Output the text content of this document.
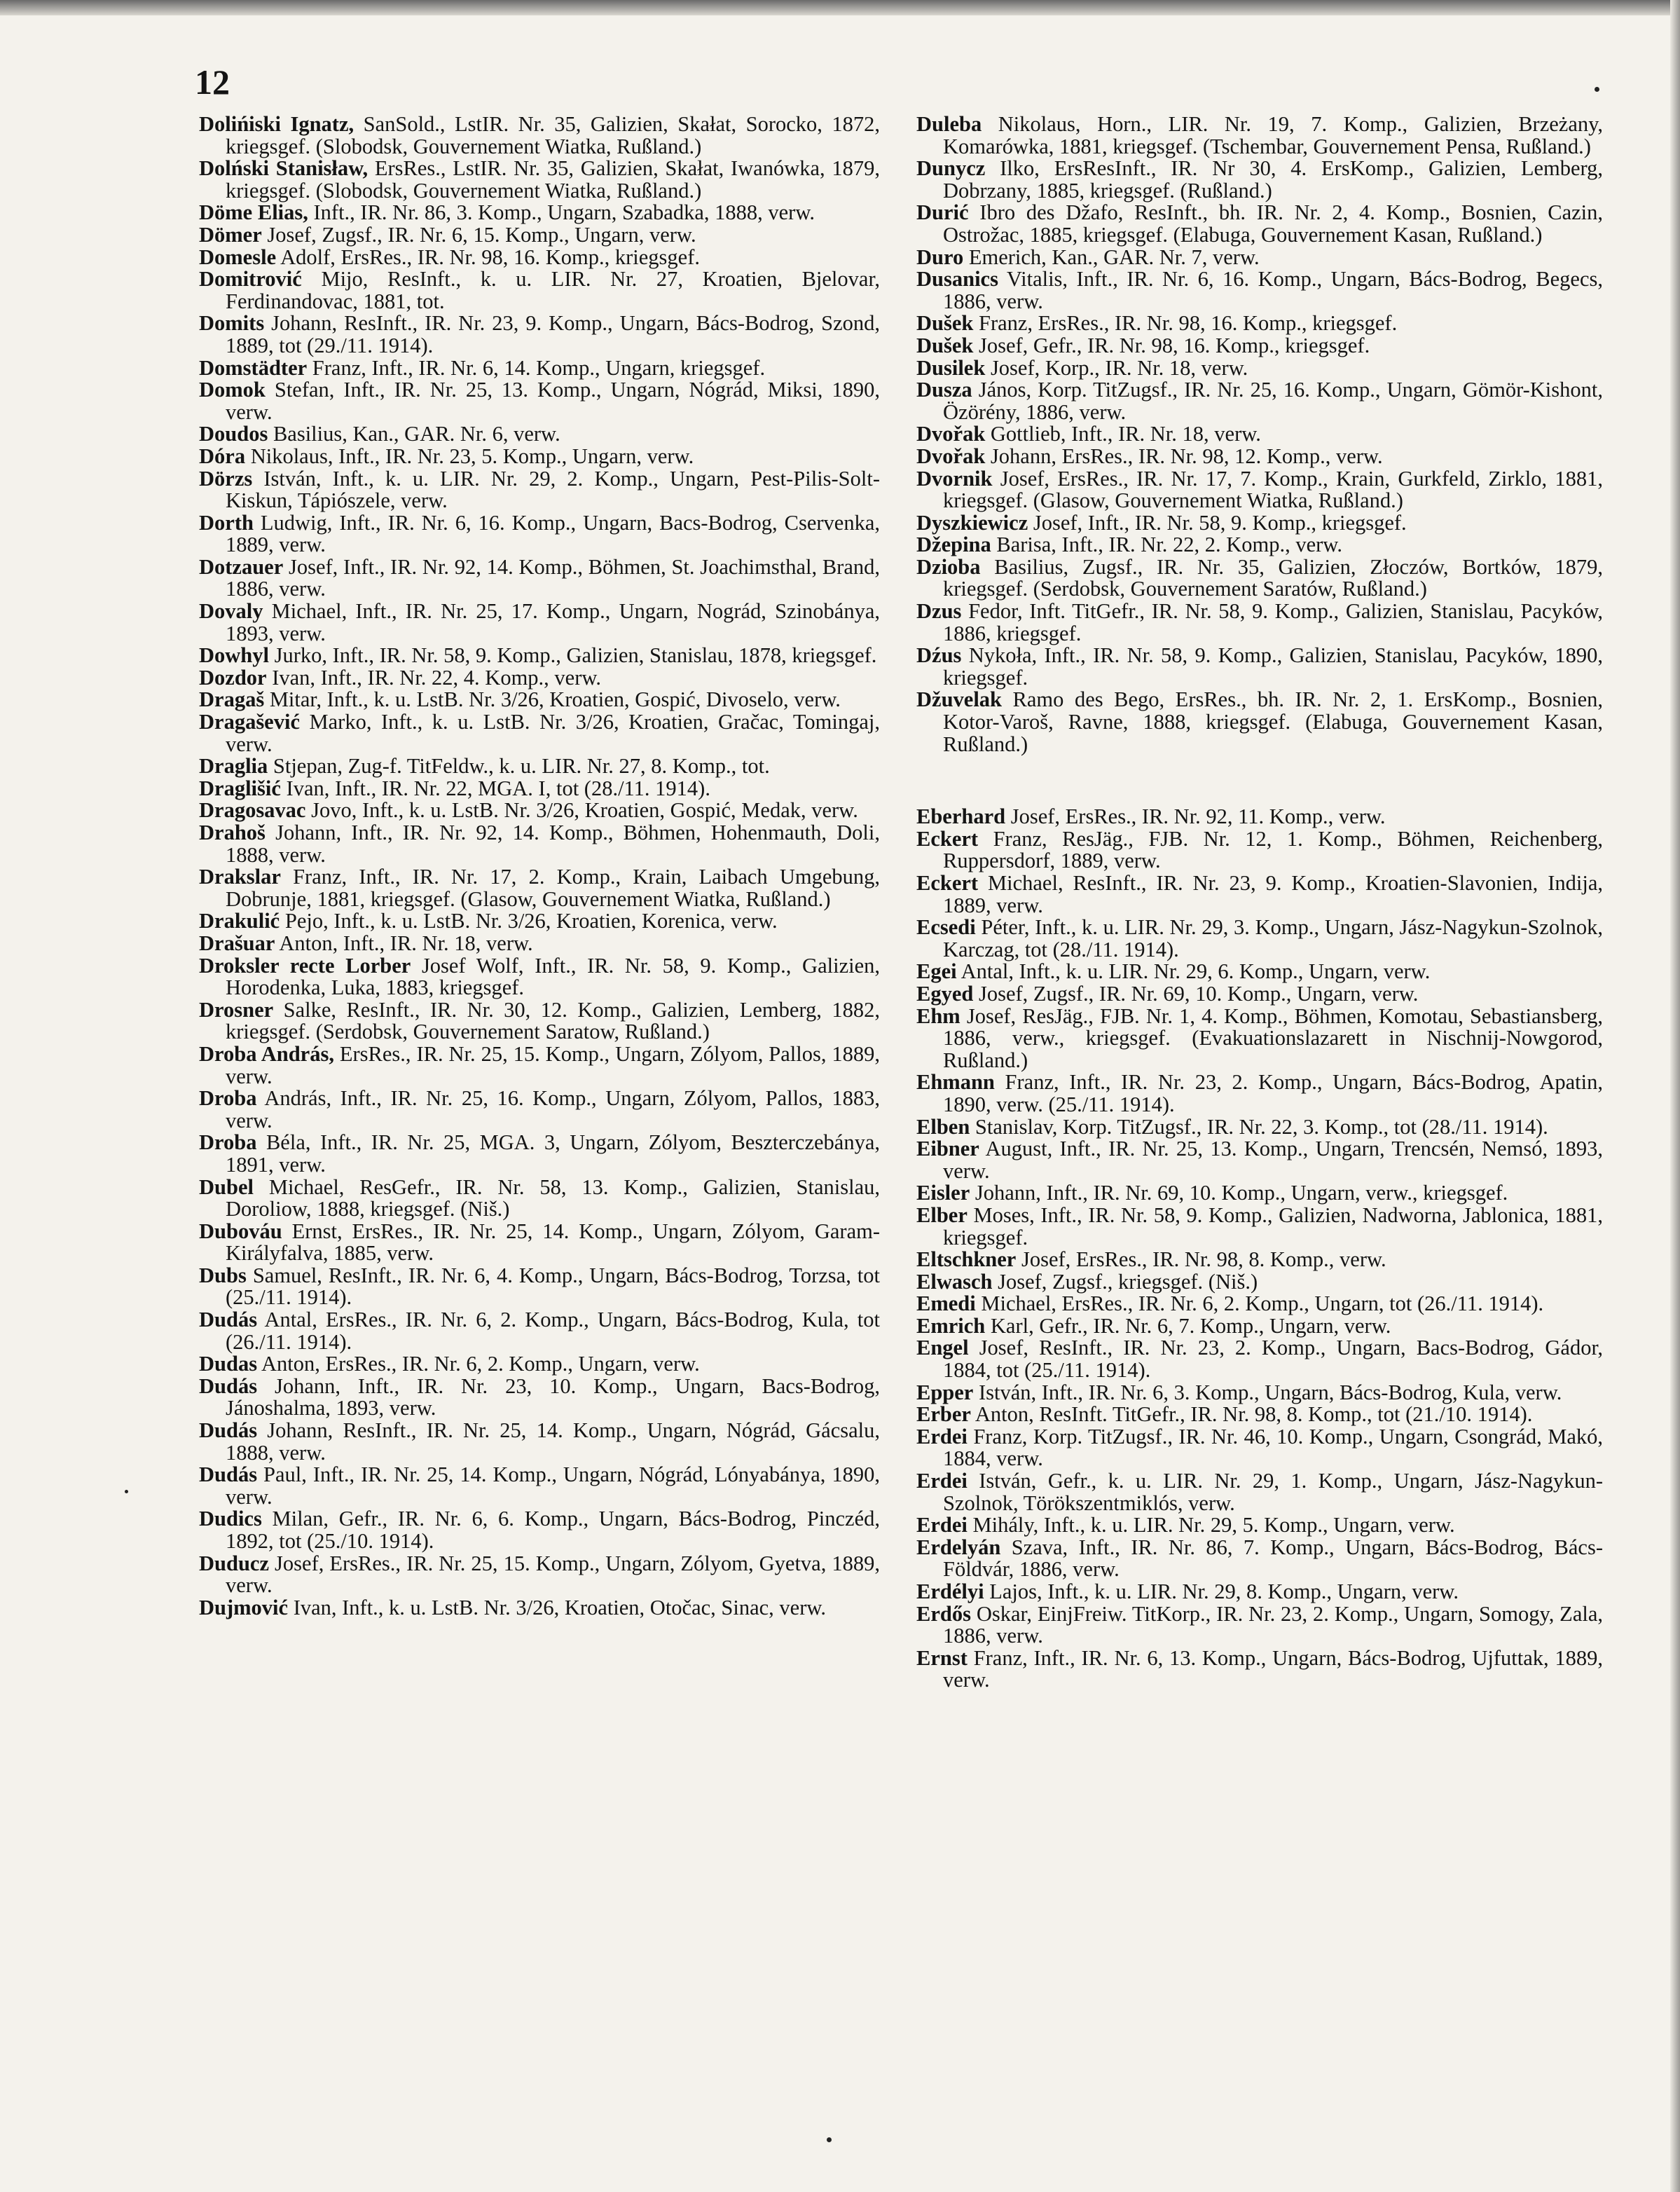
12

Dolińiski Ignatz, SanSold., LstIR. Nr. 35, Galizien, Skałat, Sorocko, 1872, kriegsgef. (Slobodsk, Gouvernement Wiatka, Rußland.)

Dolński Stanisław, ErsRes., LstIR. Nr. 35, Galizien, Skałat, Iwanówka, 1879, kriegsgef. (Slobodsk, Gouvernement Wiatka, Rußland.)

Döme Elias, Inft., IR. Nr. 86, 3. Komp., Ungarn, Szabadka, 1888, verw.

Dömer Josef, Zugsf., IR. Nr. 6, 15. Komp., Ungarn, verw.

Domesle Adolf, ErsRes., IR. Nr. 98, 16. Komp., kriegsgef.

Domitrović Mijo, ResInft., k. u. LIR. Nr. 27, Kroatien, Bjelovar, Ferdinandovac, 1881, tot.

Domits Johann, ResInft., IR. Nr. 23, 9. Komp., Ungarn, Bács-Bodrog, Szond, 1889, tot (29./11. 1914).

Domstädter Franz, Inft., IR. Nr. 6, 14. Komp., Ungarn, kriegsgef.

Domok Stefan, Inft., IR. Nr. 25, 13. Komp., Ungarn, Nógrád, Miksi, 1890, verw.

Doudos Basilius, Kan., GAR. Nr. 6, verw.

Dóra Nikolaus, Inft., IR. Nr. 23, 5. Komp., Ungarn, verw.

Dörzs István, Inft., k. u. LIR. Nr. 29, 2. Komp., Ungarn, Pest-Pilis-Solt-Kiskun, Tápiószele, verw.

Dorth Ludwig, Inft., IR. Nr. 6, 16. Komp., Ungarn, Bacs-Bodrog, Cservenka, 1889, verw.

Dotzauer Josef, Inft., IR. Nr. 92, 14. Komp., Böhmen, St. Joachimsthal, Brand, 1886, verw.

Dovaly Michael, Inft., IR. Nr. 25, 17. Komp., Ungarn, Nográd, Szinobánya, 1893, verw.

Dowhyl Jurko, Inft., IR. Nr. 58, 9. Komp., Galizien, Stanislau, 1878, kriegsgef.

Dozdor Ivan, Inft., IR. Nr. 22, 4. Komp., verw.

Dragaš Mitar, Inft., k. u. LstB. Nr. 3/26, Kroatien, Gospić, Divoselo, verw.

Dragašević Marko, Inft., k. u. LstB. Nr. 3/26, Kroatien, Gračac, Tomingaj, verw.

Draglia Stjepan, Zug-f. TitFeldw., k. u. LIR. Nr. 27, 8. Komp., tot.

Draglišić Ivan, Inft., IR. Nr. 22, MGA. I, tot (28./11. 1914).

Dragosavac Jovo, Inft., k. u. LstB. Nr. 3/26, Kroatien, Gospić, Medak, verw.

Drahoš Johann, Inft., IR. Nr. 92, 14. Komp., Böhmen, Hohenmauth, Doli, 1888, verw.

Drakslar Franz, Inft., IR. Nr. 17, 2. Komp., Krain, Laibach Umgebung, Dobrunje, 1881, kriegsgef. (Glasow, Gouvernement Wiatka, Rußland.)

Drakulić Pejo, Inft., k. u. LstB. Nr. 3/26, Kroatien, Korenica, verw.

Drašuar Anton, Inft., IR. Nr. 18, verw.

Droksler recte Lorber Josef Wolf, Inft., IR. Nr. 58, 9. Komp., Galizien, Horodenka, Luka, 1883, kriegsgef.

Drosner Salke, ResInft., IR. Nr. 30, 12. Komp., Galizien, Lemberg, 1882, kriegsgef. (Serdobsk, Gouvernement Saratow, Rußland.)

Droba András, ErsRes., IR. Nr. 25, 15. Komp., Ungarn, Zólyom, Pallos, 1889, verw.

Droba András, Inft., IR. Nr. 25, 16. Komp., Ungarn, Zólyom, Pallos, 1883, verw.

Droba Béla, Inft., IR. Nr. 25, MGA. 3, Ungarn, Zólyom, Beszterczebánya, 1891, verw.

Dubel Michael, ResGefr., IR. Nr. 58, 13. Komp., Galizien, Stanislau, Doroliow, 1888, kriegsgef. (Niš.)

Dubováu Ernst, ErsRes., IR. Nr. 25, 14. Komp., Ungarn, Zólyom, Garam-Királyfalva, 1885, verw.

Dubs Samuel, ResInft., IR. Nr. 6, 4. Komp., Ungarn, Bács-Bodrog, Torzsa, tot (25./11. 1914).

Dudás Antal, ErsRes., IR. Nr. 6, 2. Komp., Ungarn, Bács-Bodrog, Kula, tot (26./11. 1914).

Dudas Anton, ErsRes., IR. Nr. 6, 2. Komp., Ungarn, verw.

Dudás Johann, Inft., IR. Nr. 23, 10. Komp., Ungarn, Bacs-Bodrog, Jánoshalma, 1893, verw.

Dudás Johann, ResInft., IR. Nr. 25, 14. Komp., Ungarn, Nógrád, Gácsalu, 1888, verw.

Dudás Paul, Inft., IR. Nr. 25, 14. Komp., Ungarn, Nógrád, Lónyabánya, 1890, verw.

Dudics Milan, Gefr., IR. Nr. 6, 6. Komp., Ungarn, Bács-Bodrog, Pinczéd, 1892, tot (25./10. 1914).

Duducz Josef, ErsRes., IR. Nr. 25, 15. Komp., Ungarn, Zólyom, Gyetva, 1889, verw.

Dujmović Ivan, Inft., k. u. LstB. Nr. 3/26, Kroatien, Otočac, Sinac, verw.

Duleba Nikolaus, Horn., LIR. Nr. 19, 7. Komp., Galizien, Brzeżany, Komarówka, 1881, kriegsgef. (Tschembar, Gouvernement Pensa, Rußland.)

Dunycz Ilko, ErsResInft., IR. Nr 30, 4. ErsKomp., Galizien, Lemberg, Dobrzany, 1885, kriegsgef. (Rußland.)

Durić Ibro des Džafo, ResInft., bh. IR. Nr. 2, 4. Komp., Bosnien, Cazin, Ostrožac, 1885, kriegsgef. (Elabuga, Gouvernement Kasan, Rußland.)

Duro Emerich, Kan., GAR. Nr. 7, verw.

Dusanics Vitalis, Inft., IR. Nr. 6, 16. Komp., Ungarn, Bács-Bodrog, Begecs, 1886, verw.

Dušek Franz, ErsRes., IR. Nr. 98, 16. Komp., kriegsgef.

Dušek Josef, Gefr., IR. Nr. 98, 16. Komp., kriegsgef.

Dusilek Josef, Korp., IR. Nr. 18, verw.

Dusza János, Korp. TitZugsf., IR. Nr. 25, 16. Komp., Ungarn, Gömör-Kishont, Özörény, 1886, verw.

Dvořak Gottlieb, Inft., IR. Nr. 18, verw.

Dvořak Johann, ErsRes., IR. Nr. 98, 12. Komp., verw.

Dvornik Josef, ErsRes., IR. Nr. 17, 7. Komp., Krain, Gurkfeld, Zirklo, 1881, kriegsgef. (Glasow, Gouvernement Wiatka, Rußland.)

Dyszkiewicz Josef, Inft., IR. Nr. 58, 9. Komp., kriegsgef.

Džepina Barisa, Inft., IR. Nr. 22, 2. Komp., verw.

Dzioba Basilius, Zugsf., IR. Nr. 35, Galizien, Złoczów, Bortków, 1879, kriegsgef. (Serdobsk, Gouvernement Saratów, Rußland.)

Dzus Fedor, Inft. TitGefr., IR. Nr. 58, 9. Komp., Galizien, Stanislau, Pacyków, 1886, kriegsgef.

Dźus Nykoła, Inft., IR. Nr. 58, 9. Komp., Galizien, Stanislau, Pacyków, 1890, kriegsgef.

Džuvelak Ramo des Bego, ErsRes., bh. IR. Nr. 2, 1. ErsKomp., Bosnien, Kotor-Varoš, Ravne, 1888, kriegsgef. (Elabuga, Gouvernement Kasan, Rußland.)

Eberhard Josef, ErsRes., IR. Nr. 92, 11. Komp., verw.

Eckert Franz, ResJäg., FJB. Nr. 12, 1. Komp., Böhmen, Reichenberg, Ruppersdorf, 1889, verw.

Eckert Michael, ResInft., IR. Nr. 23, 9. Komp., Kroatien-Slavonien, Indija, 1889, verw.

Ecsedi Péter, Inft., k. u. LIR. Nr. 29, 3. Komp., Ungarn, Jász-Nagykun-Szolnok, Karczag, tot (28./11. 1914).

Egei Antal, Inft., k. u. LIR. Nr. 29, 6. Komp., Ungarn, verw.

Egyed Josef, Zugsf., IR. Nr. 69, 10. Komp., Ungarn, verw.

Ehm Josef, ResJäg., FJB. Nr. 1, 4. Komp., Böhmen, Komotau, Sebastiansberg, 1886, verw., kriegsgef. (Evakuationslazarett in Nischnij-Nowgorod, Rußland.)

Ehmann Franz, Inft., IR. Nr. 23, 2. Komp., Ungarn, Bács-Bodrog, Apatin, 1890, verw. (25./11. 1914).

Elben Stanislav, Korp. TitZugsf., IR. Nr. 22, 3. Komp., tot (28./11. 1914).

Eibner August, Inft., IR. Nr. 25, 13. Komp., Ungarn, Trencsén, Nemsó, 1893, verw.

Eisler Johann, Inft., IR. Nr. 69, 10. Komp., Ungarn, verw., kriegsgef.

Elber Moses, Inft., IR. Nr. 58, 9. Komp., Galizien, Nadworna, Jablonica, 1881, kriegsgef.

Eltschkner Josef, ErsRes., IR. Nr. 98, 8. Komp., verw.

Elwasch Josef, Zugsf., kriegsgef. (Niš.)

Emedi Michael, ErsRes., IR. Nr. 6, 2. Komp., Ungarn, tot (26./11. 1914).

Emrich Karl, Gefr., IR. Nr. 6, 7. Komp., Ungarn, verw.

Engel Josef, ResInft., IR. Nr. 23, 2. Komp., Ungarn, Bacs-Bodrog, Gádor, 1884, tot (25./11. 1914).

Epper István, Inft., IR. Nr. 6, 3. Komp., Ungarn, Bács-Bodrog, Kula, verw.

Erber Anton, ResInft. TitGefr., IR. Nr. 98, 8. Komp., tot (21./10. 1914).

Erdei Franz, Korp. TitZugsf., IR. Nr. 46, 10. Komp., Ungarn, Csongrád, Makó, 1884, verw.

Erdei István, Gefr., k. u. LIR. Nr. 29, 1. Komp., Ungarn, Jász-Nagykun-Szolnok, Törökszentmiklós, verw.

Erdei Mihály, Inft., k. u. LIR. Nr. 29, 5. Komp., Ungarn, verw.

Erdelyán Szava, Inft., IR. Nr. 86, 7. Komp., Ungarn, Bács-Bodrog, Bács-Földvár, 1886, verw.

Erdélyi Lajos, Inft., k. u. LIR. Nr. 29, 8. Komp., Ungarn, verw.

Erdős Oskar, EinjFreiw. TitKorp., IR. Nr. 23, 2. Komp., Ungarn, Somogy, Zala, 1886, verw.

Ernst Franz, Inft., IR. Nr. 6, 13. Komp., Ungarn, Bács-Bodrog, Ujfuttak, 1889, verw.
